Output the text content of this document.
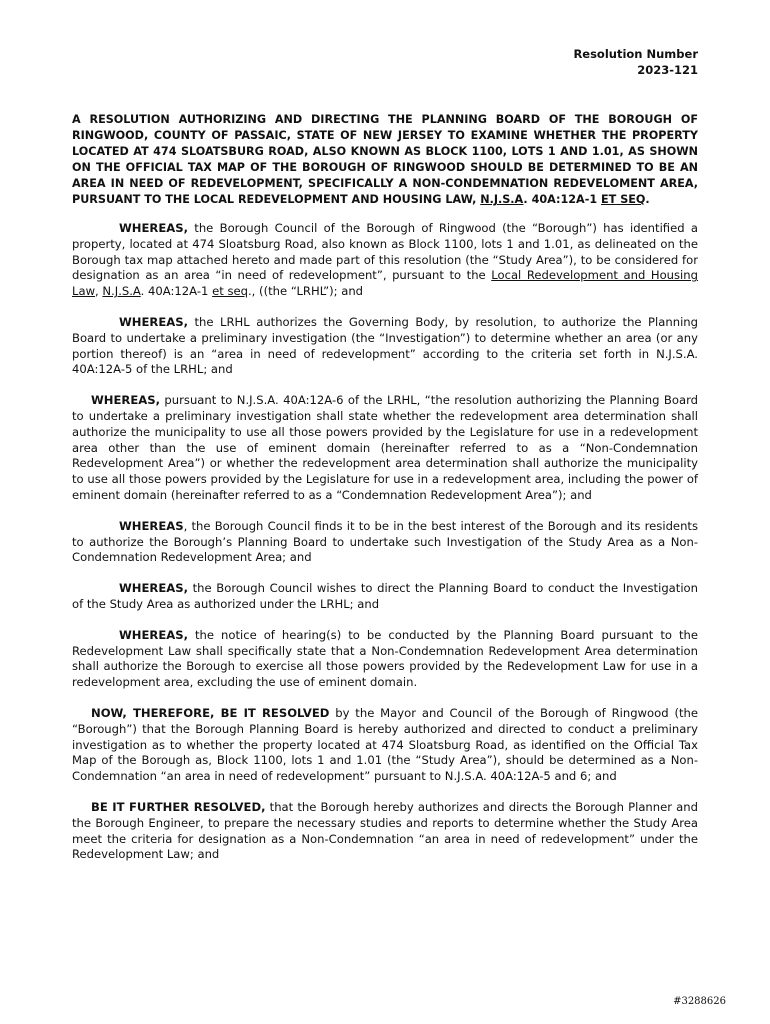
Resolution Number
2023-121

A RESOLUTION AUTHORIZING AND DIRECTING THE PLANNING BOARD OF THE BOROUGH OF RINGWOOD, COUNTY OF PASSAIC, STATE OF NEW JERSEY TO EXAMINE WHETHER THE PROPERTY LOCATED AT 474 SLOATSBURG ROAD, ALSO KNOWN AS BLOCK 1100, LOTS 1 AND 1.01, AS SHOWN ON THE OFFICIAL TAX MAP OF THE BOROUGH OF RINGWOOD SHOULD BE DETERMINED TO BE AN AREA IN NEED OF REDEVELOPMENT, SPECIFICALLY A NON-CONDEMNATION REDEVELOMENT AREA, PURSUANT TO THE LOCAL REDEVELOPMENT AND HOUSING LAW, N.J.S.A. 40A:12A-1 ET SEQ.

WHEREAS, the Borough Council of the Borough of Ringwood (the “Borough”) has identified a property, located at 474 Sloatsburg Road, also known as Block 1100, lots 1 and 1.01, as delineated on the Borough tax map attached hereto and made part of this resolution (the “Study Area”), to be considered for designation as an area “in need of redevelopment”, pursuant to the Local Redevelopment and Housing Law, N.J.S.A. 40A:12A-1 et seq., ((the “LRHL”); and

WHEREAS, the LRHL authorizes the Governing Body, by resolution, to authorize the Planning Board to undertake a preliminary investigation (the “Investigation”) to determine whether an area (or any portion thereof) is an “area in need of redevelopment” according to the criteria set forth in N.J.S.A. 40A:12A-5 of the LRHL; and

WHEREAS, pursuant to N.J.S.A. 40A:12A-6 of the LRHL, “the resolution authorizing the Planning Board to undertake a preliminary investigation shall state whether the redevelopment area determination shall authorize the municipality to use all those powers provided by the Legislature for use in a redevelopment area other than the use of eminent domain (hereinafter referred to as a “Non-Condemnation Redevelopment Area”) or whether the redevelopment area determination shall authorize the municipality to use all those powers provided by the Legislature for use in a redevelopment area, including the power of eminent domain (hereinafter referred to as a “Condemnation Redevelopment Area”); and

WHEREAS, the Borough Council finds it to be in the best interest of the Borough and its residents to authorize the Borough’s Planning Board to undertake such Investigation of the Study Area as a Non-Condemnation Redevelopment Area; and

WHEREAS, the Borough Council wishes to direct the Planning Board to conduct the Investigation of the Study Area as authorized under the LRHL; and

WHEREAS, the notice of hearing(s) to be conducted by the Planning Board pursuant to the Redevelopment Law shall specifically state that a Non-Condemnation Redevelopment Area determination shall authorize the Borough to exercise all those powers provided by the Redevelopment Law for use in a redevelopment area, excluding the use of eminent domain.

NOW, THEREFORE, BE IT RESOLVED by the Mayor and Council of the Borough of Ringwood (the “Borough”) that the Borough Planning Board is hereby authorized and directed to conduct a preliminary investigation as to whether the property located at 474 Sloatsburg Road, as identified on the Official Tax Map of the Borough as, Block 1100, lots 1 and 1.01 (the “Study Area”), should be determined as a Non-Condemnation “an area in need of redevelopment” pursuant to N.J.S.A. 40A:12A-5 and 6; and

BE IT FURTHER RESOLVED, that the Borough hereby authorizes and directs the Borough Planner and the Borough Engineer, to prepare the necessary studies and reports to determine whether the Study Area meet the criteria for designation as a Non-Condemnation “an area in need of redevelopment” under the Redevelopment Law; and

#3288626
